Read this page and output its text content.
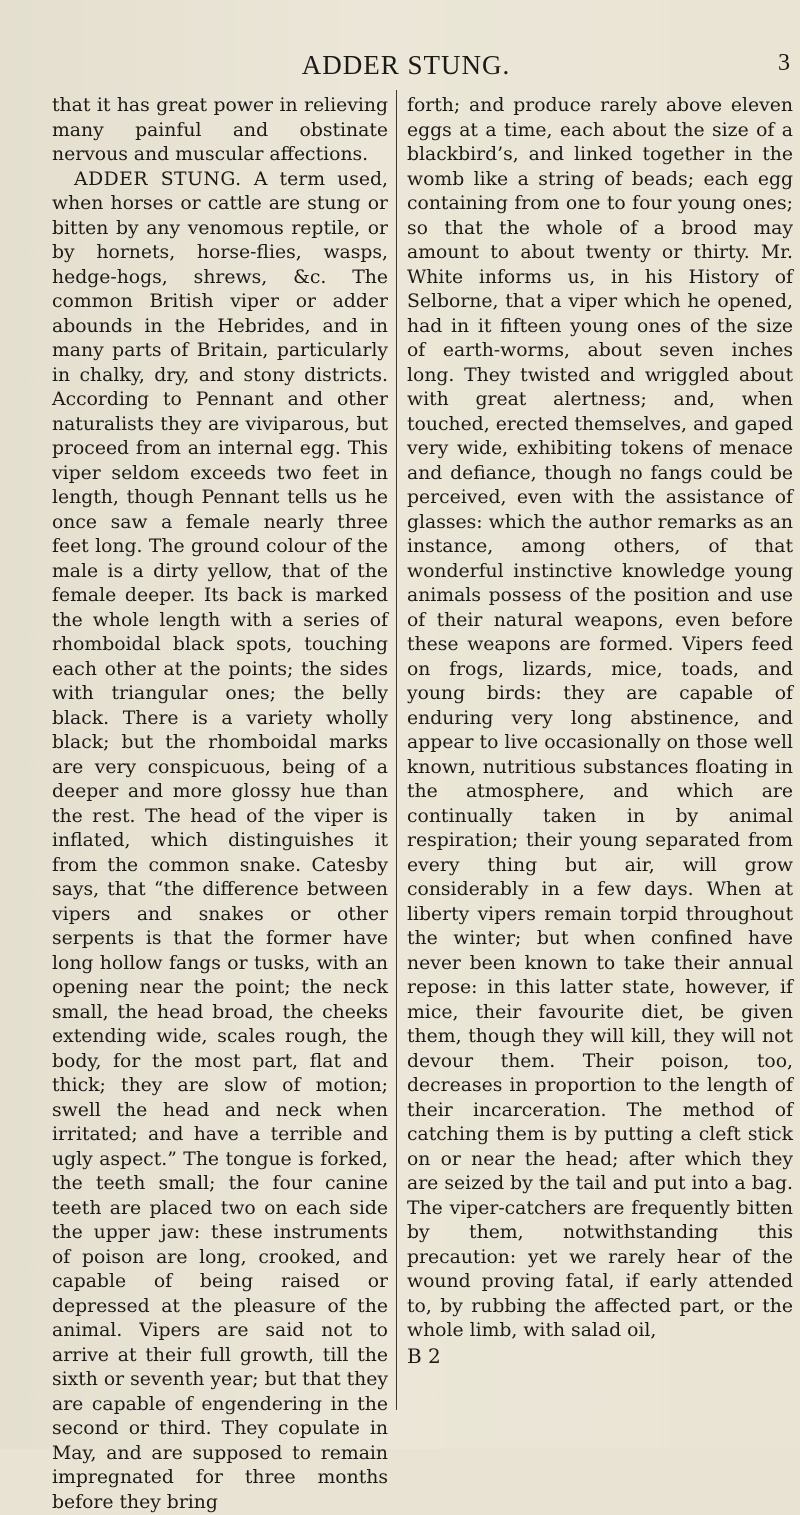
ADDER STUNG.	3

that it has great power in relieving many painful and obstinate nervous and muscular affections.

ADDER STUNG. A term used, when horses or cattle are stung or bitten by any venomous reptile, or by hornets, horse-flies, wasps, hedge-hogs, shrews, &c. The common British viper or adder abounds in the Hebrides, and in many parts of Britain, particularly in chalky, dry, and stony districts. According to Pennant and other naturalists they are viviparous, but proceed from an internal egg. This viper seldom exceeds two feet in length, though Pennant tells us he once saw a female nearly three feet long. The ground colour of the male is a dirty yellow, that of the female deeper. Its back is marked the whole length with a series of rhomboidal black spots, touching each other at the points; the sides with triangular ones; the belly black. There is a variety wholly black; but the rhomboidal marks are very conspicuous, being of a deeper and more glossy hue than the rest. The head of the viper is inflated, which distinguishes it from the common snake. Catesby says, that “the difference between vipers and snakes or other serpents is that the former have long hollow fangs or tusks, with an opening near the point; the neck small, the head broad, the cheeks extending wide, scales rough, the body, for the most part, flat and thick; they are slow of motion; swell the head and neck when irritated; and have a terrible and ugly aspect.” The tongue is forked, the teeth small; the four canine teeth are placed two on each side the upper jaw: these instruments of poison are long, crooked, and capable of being raised or depressed at the pleasure of the animal. Vipers are said not to arrive at their full growth, till the sixth or seventh year; but that they are capable of engendering in the second or third. They copulate in May, and are supposed to remain impregnated for three months before they bring

forth; and produce rarely above eleven eggs at a time, each about the size of a blackbird’s, and linked together in the womb like a string of beads; each egg containing from one to four young ones; so that the whole of a brood may amount to about twenty or thirty. Mr. White informs us, in his History of Selborne, that a viper which he opened, had in it fifteen young ones of the size of earth-worms, about seven inches long. They twisted and wriggled about with great alertness; and, when touched, erected themselves, and gaped very wide, exhibiting tokens of menace and defiance, though no fangs could be perceived, even with the assistance of glasses: which the author remarks as an instance, among others, of that wonderful instinctive knowledge young animals possess of the position and use of their natural weapons, even before these weapons are formed. Vipers feed on frogs, lizards, mice, toads, and young birds: they are capable of enduring very long abstinence, and appear to live occasionally on those well known, nutritious substances floating in the atmosphere, and which are continually taken in by animal respiration; their young separated from every thing but air, will grow considerably in a few days. When at liberty vipers remain torpid throughout the winter; but when confined have never been known to take their annual repose: in this latter state, however, if mice, their favourite diet, be given them, though they will kill, they will not devour them. Their poison, too, decreases in proportion to the length of their incarceration. The method of catching them is by putting a cleft stick on or near the head; after which they are seized by the tail and put into a bag. The viper-catchers are frequently bitten by them, notwithstanding this precaution: yet we rarely hear of the wound proving fatal, if early attended to, by rubbing the affected part, or the whole limb, with salad oil,

B 2
